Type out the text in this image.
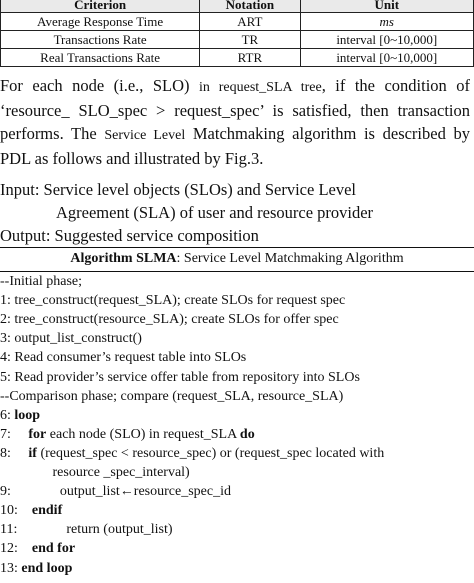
Criterion	Notation	Unit
Average Response Time	ART	ms
Transactions Rate	TR	interval [0~10,000]
Real Transactions Rate	RTR	interval [0~10,000]
For each node (i.e., SLO) in request_SLA tree, if the condition of ‘resource_ SLO_spec > request_spec’ is satisfied, then transaction performs. The Service Level Matchmaking algorithm is described by PDL as follows and illustrated by Fig.3.
Input: Service level objects (SLOs) and Service Level
Agreement (SLA) of user and resource provider
Output: Suggested service composition
Algorithm SLMA: Service Level Matchmaking Algorithm
--Initial phase;
1: tree_construct(request_SLA); create SLOs for request spec
2: tree_construct(resource_SLA); create SLOs for offer spec
3: output_list_construct()
4: Read consumer’s request table into SLOs
5: Read provider’s service offer table from repository into SLOs
--Comparison phase; compare (request_SLA, resource_SLA)
6: loop
7:     for each node (SLO) in request_SLA do
8:     if (request_spec < resource_spec) or (request_spec located with
resource _spec_interval)
9:              output_list←resource_spec_id
10:    endif
11:              return (output_list)
12:    end for
13: end loop
